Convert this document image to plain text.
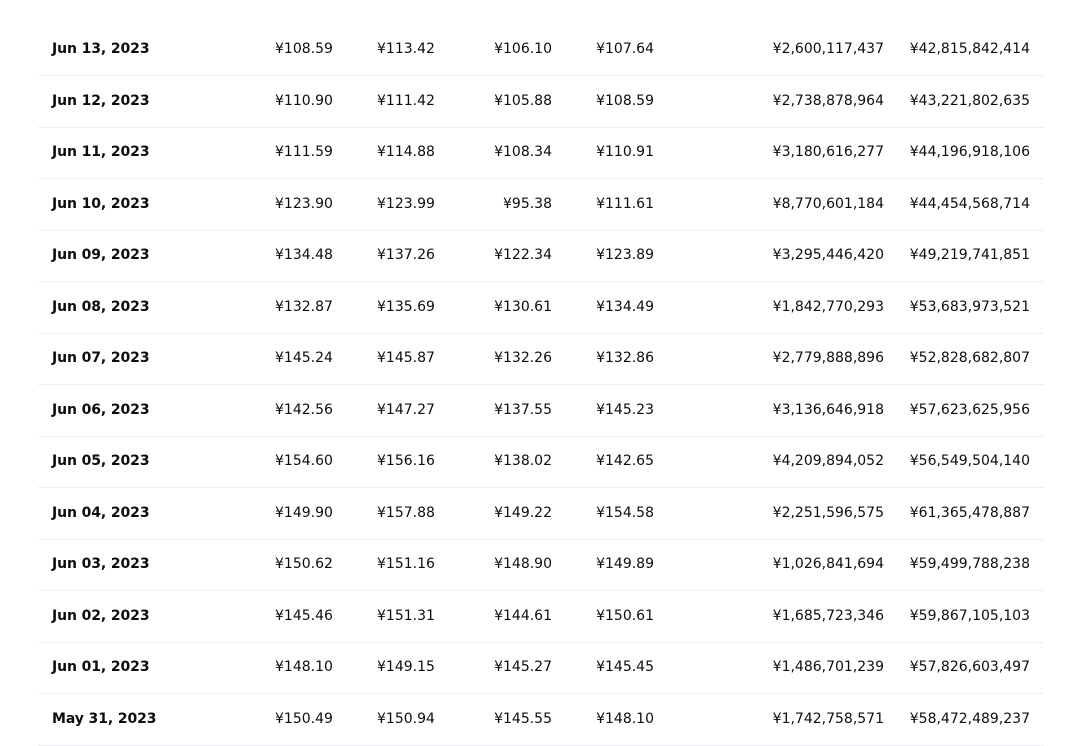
Jun 13, 2023	¥108.59	¥113.42	¥106.10	¥107.64	¥2,600,117,437 ¥42,815,842,414
Jun 12, 2023	¥110.90	¥111.42	¥105.88	¥108.59	¥2,738,878,964 ¥43,221,802,635
Jun 11, 2023	¥111.59	¥114.88	¥108.34	¥110.91	¥3,180,616,277 ¥44,196,918,106
Jun 10, 2023	¥123.90	¥123.99	¥95.38	¥111.61	¥8,770,601,184 ¥44,454,568,714
Jun 09, 2023	¥134.48	¥137.26	¥122.34	¥123.89	¥3,295,446,420 ¥49,219,741,851
Jun 08, 2023	¥132.87	¥135.69	¥130.61	¥134.49	¥1,842,770,293 ¥53,683,973,521
Jun 07, 2023	¥145.24	¥145.87	¥132.26	¥132.86	¥2,779,888,896 ¥52,828,682,807
Jun 06, 2023	¥142.56	¥147.27	¥137.55	¥145.23	¥3,136,646,918 ¥57,623,625,956
Jun 05, 2023	¥154.60	¥156.16	¥138.02	¥142.65	¥4,209,894,052 ¥56,549,504,140
Jun 04, 2023	¥149.90	¥157.88	¥149.22	¥154.58	¥2,251,596,575 ¥61,365,478,887
Jun 03, 2023	¥150.62	¥151.16	¥148.90	¥149.89	¥1,026,841,694 ¥59,499,788,238
Jun 02, 2023	¥145.46	¥151.31	¥144.61	¥150.61	¥1,685,723,346 ¥59,867,105,103
Jun 01, 2023	¥148.10	¥149.15	¥145.27	¥145.45	¥1,486,701,239 ¥57,826,603,497
May 31, 2023	¥150.49	¥150.94	¥145.55	¥148.10	¥1,742,758,571 ¥58,472,489,237
